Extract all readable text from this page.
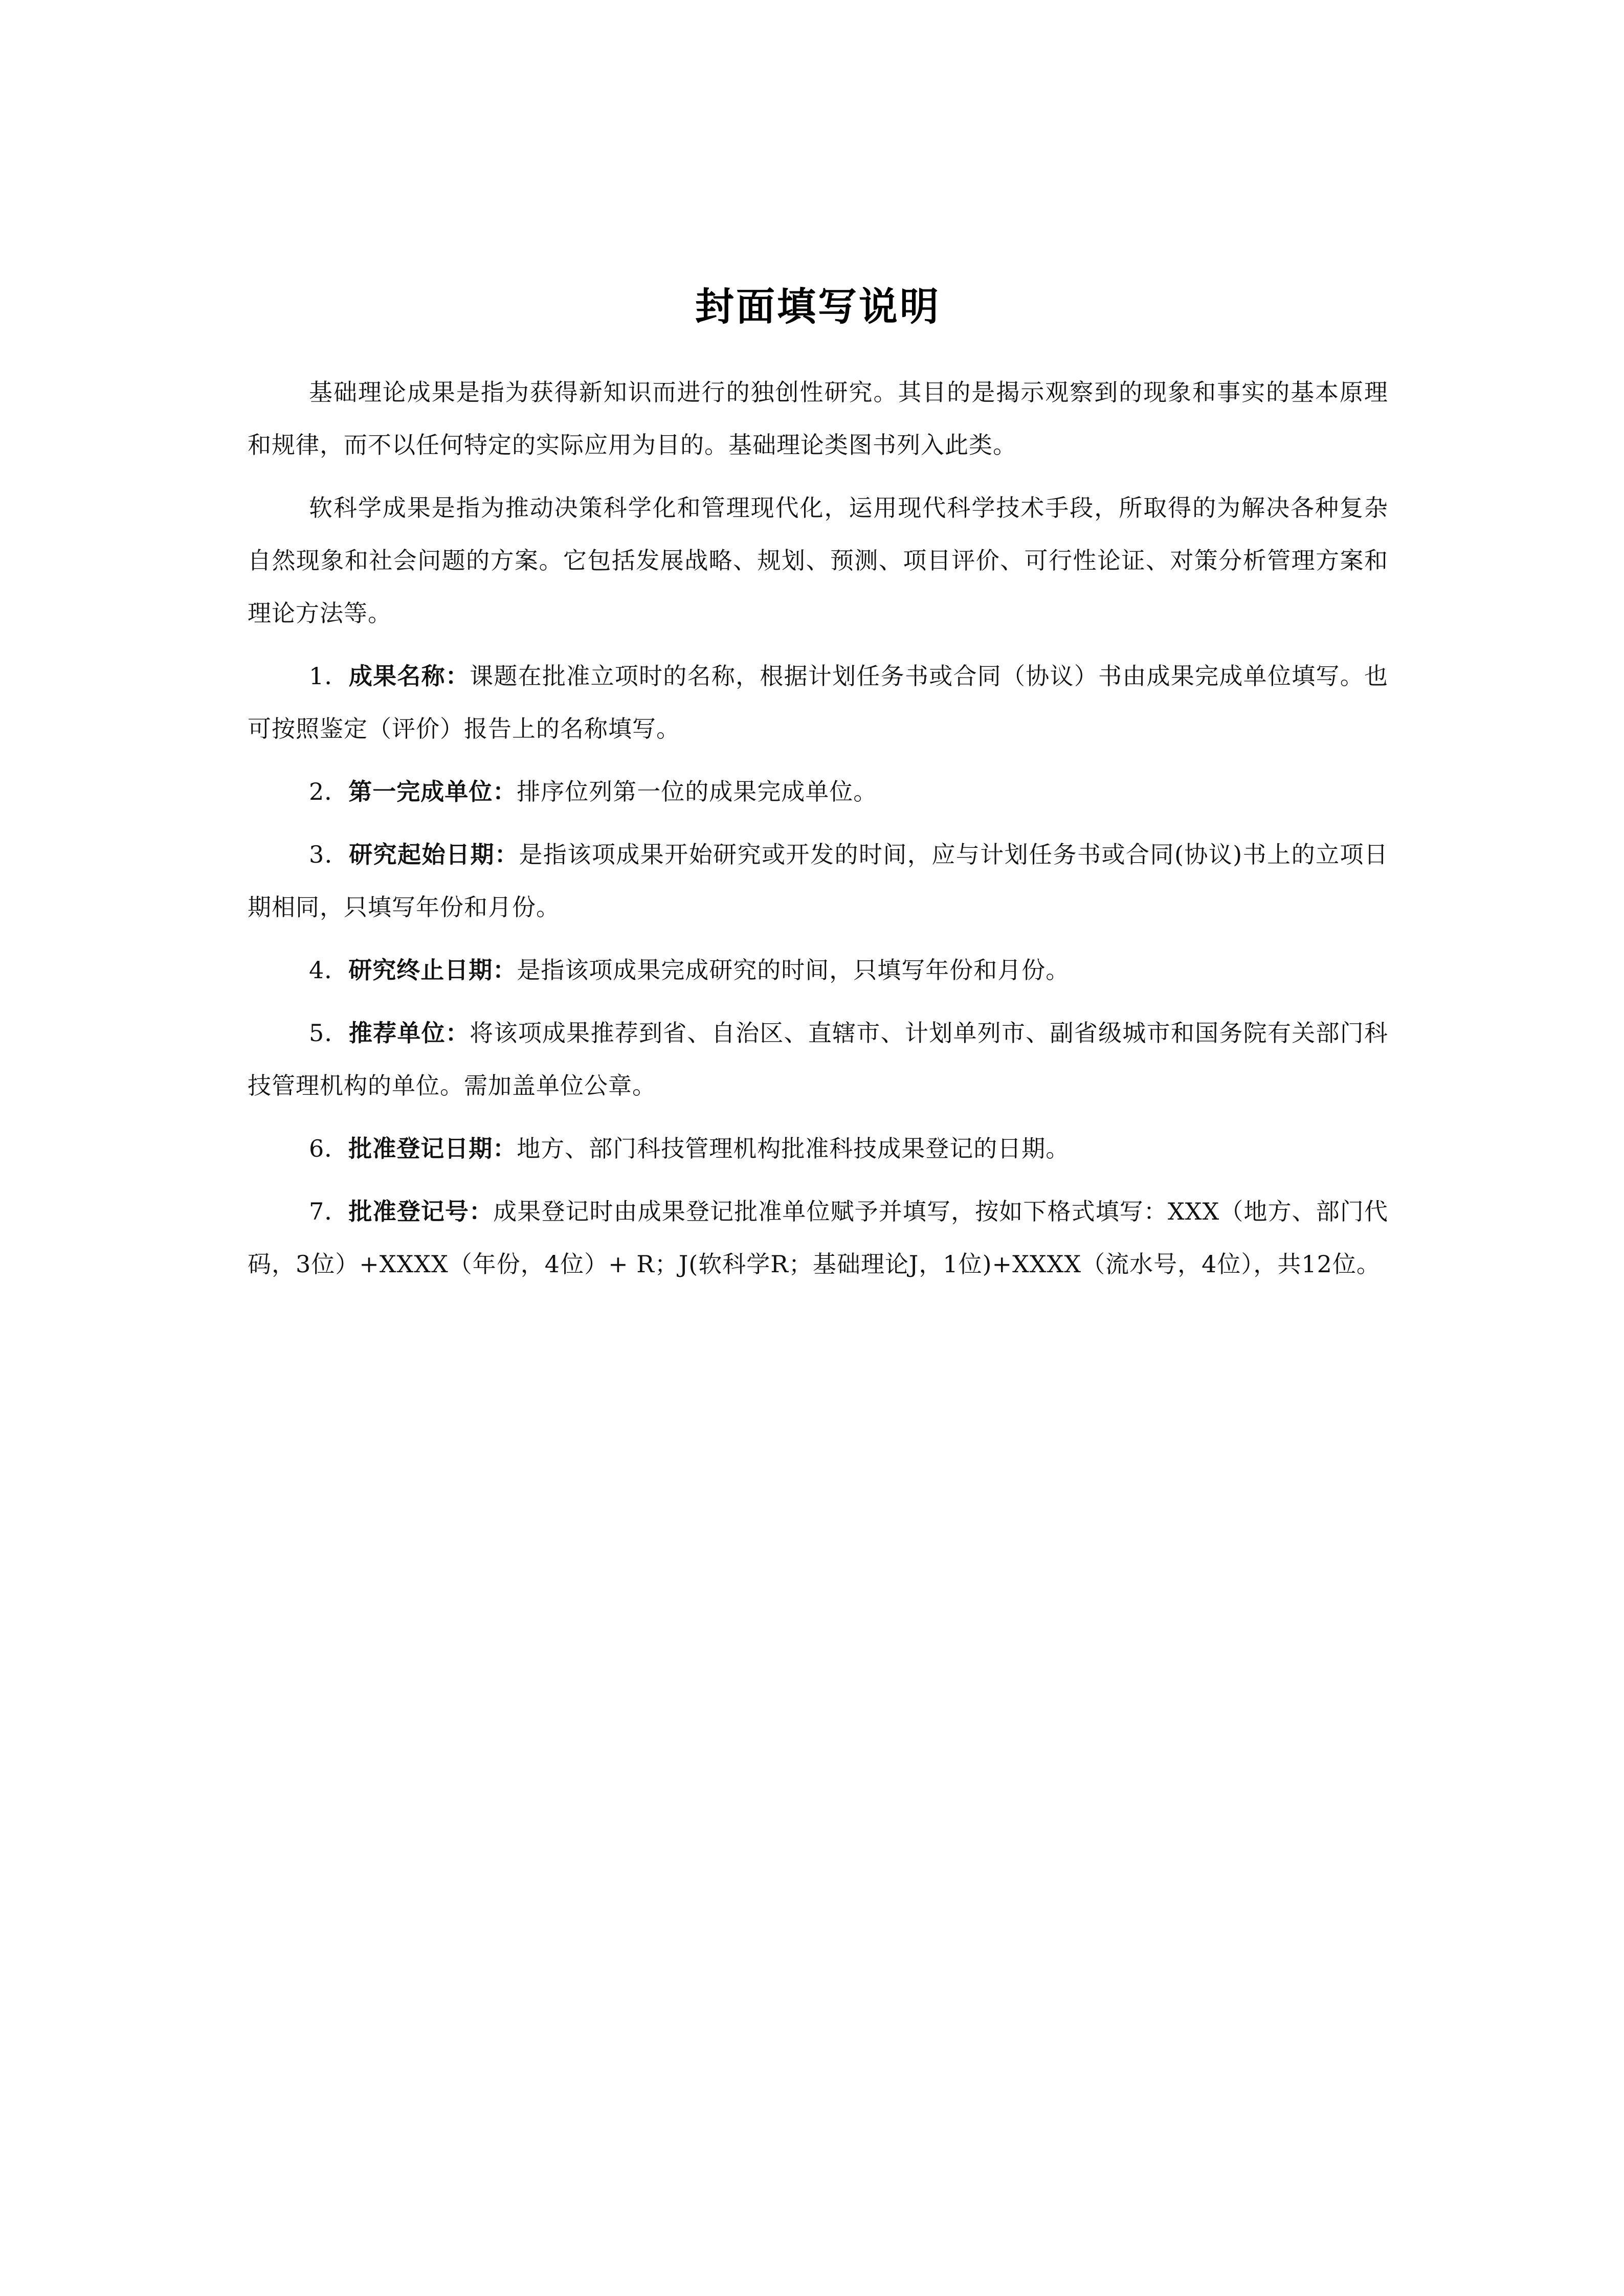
封面填写说明

基础理论成果是指为获得新知识而进行的独创性研究。其目的是揭示观察到的现象和事实的基本原理和规律，而不以任何特定的实际应用为目的。基础理论类图书列入此类。

软科学成果是指为推动决策科学化和管理现代化，运用现代科学技术手段，所取得的为解决各种复杂自然现象和社会问题的方案。它包括发展战略、规划、预测、项目评价、可行性论证、对策分析管理方案和理论方法等。

1．成果名称：课题在批准立项时的名称，根据计划任务书或合同（协议）书由成果完成单位填写。也可按照鉴定（评价）报告上的名称填写。

2．第一完成单位：排序位列第一位的成果完成单位。

3．研究起始日期：是指该项成果开始研究或开发的时间，应与计划任务书或合同(协议)书上的立项日期相同，只填写年份和月份。

4．研究终止日期：是指该项成果完成研究的时间，只填写年份和月份。

5．推荐单位：将该项成果推荐到省、自治区、直辖市、计划单列市、副省级城市和国务院有关部门科技管理机构的单位。需加盖单位公章。

6．批准登记日期：地方、部门科技管理机构批准科技成果登记的日期。

7．批准登记号：成果登记时由成果登记批准单位赋予并填写，按如下格式填写：XXX（地方、部门代码，3位）+XXXX（年份，4位）+ R；J(软科学R；基础理论J，1位)+XXXX（流水号，4位），共12位。
